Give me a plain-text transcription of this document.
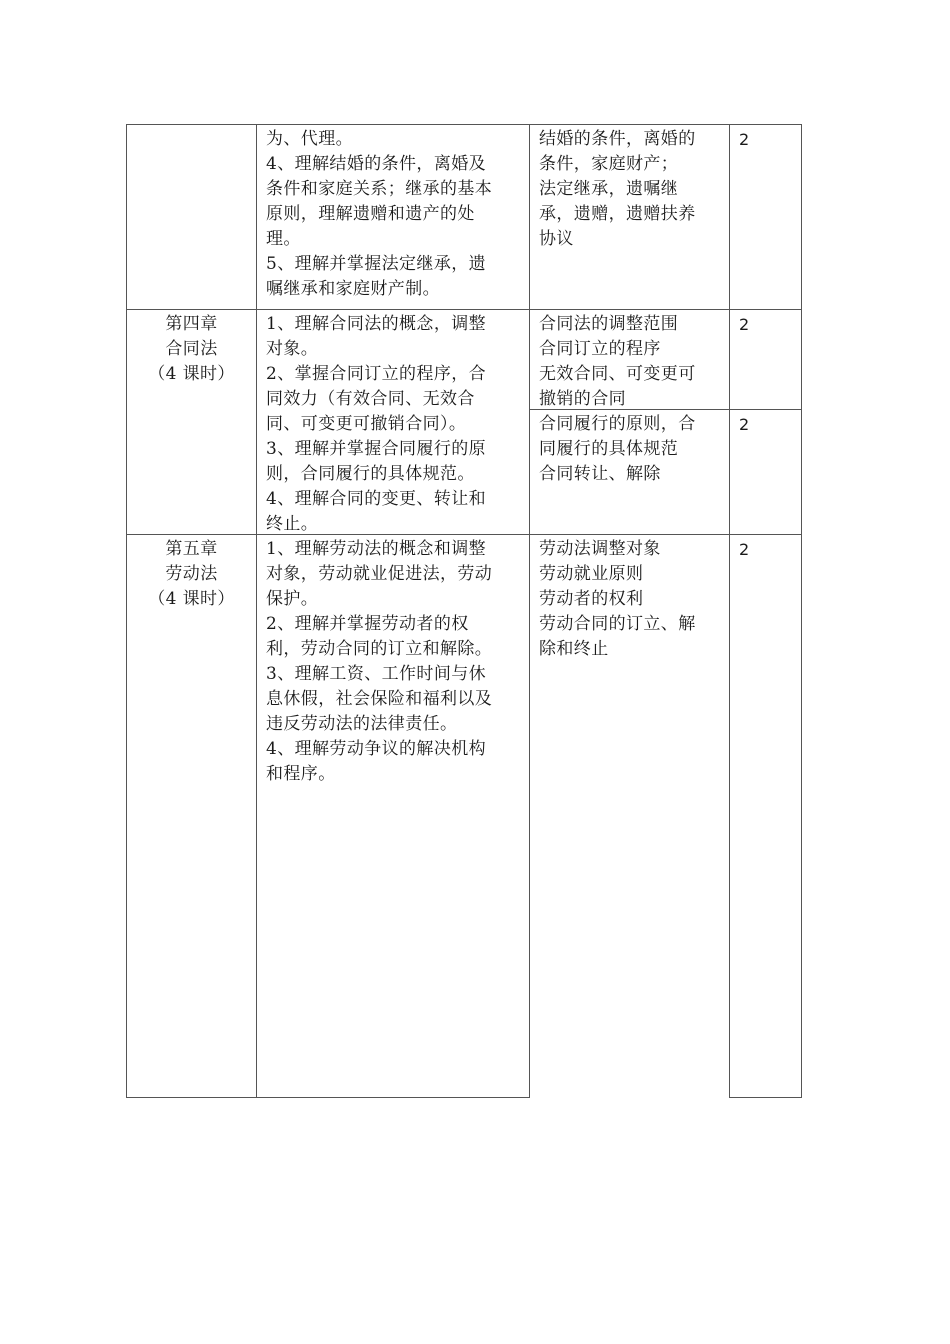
为、代理。
4、理解结婚的条件，离婚及
条件和家庭关系；继承的基本
原则，理解遗赠和遗产的处
理。
5、理解并掌握法定继承，遗
嘱继承和家庭财产制。
结婚的条件，离婚的
条件，家庭财产；
法定继承，遗嘱继
承，遗赠，遗赠扶养
协议
2
第四章
合同法
（4 课时）
1、理解合同法的概念，调整
对象。
2、掌握合同订立的程序，合
同效力（有效合同、无效合
同、可变更可撤销合同）。
3、理解并掌握合同履行的原
则，合同履行的具体规范。
4、理解合同的变更、转让和
终止。
合同法的调整范围
合同订立的程序
无效合同、可变更可
撤销的合同
2
合同履行的原则，合
同履行的具体规范
合同转让、解除
2
第五章
劳动法
（4 课时）
1、理解劳动法的概念和调整
对象，劳动就业促进法，劳动
保护。
2、理解并掌握劳动者的权
利，劳动合同的订立和解除。
3、理解工资、工作时间与休
息休假，社会保险和福利以及
违反劳动法的法律责任。
4、理解劳动争议的解决机构
和程序。
劳动法调整对象
劳动就业原则
劳动者的权利
劳动合同的订立、解
除和终止
2
